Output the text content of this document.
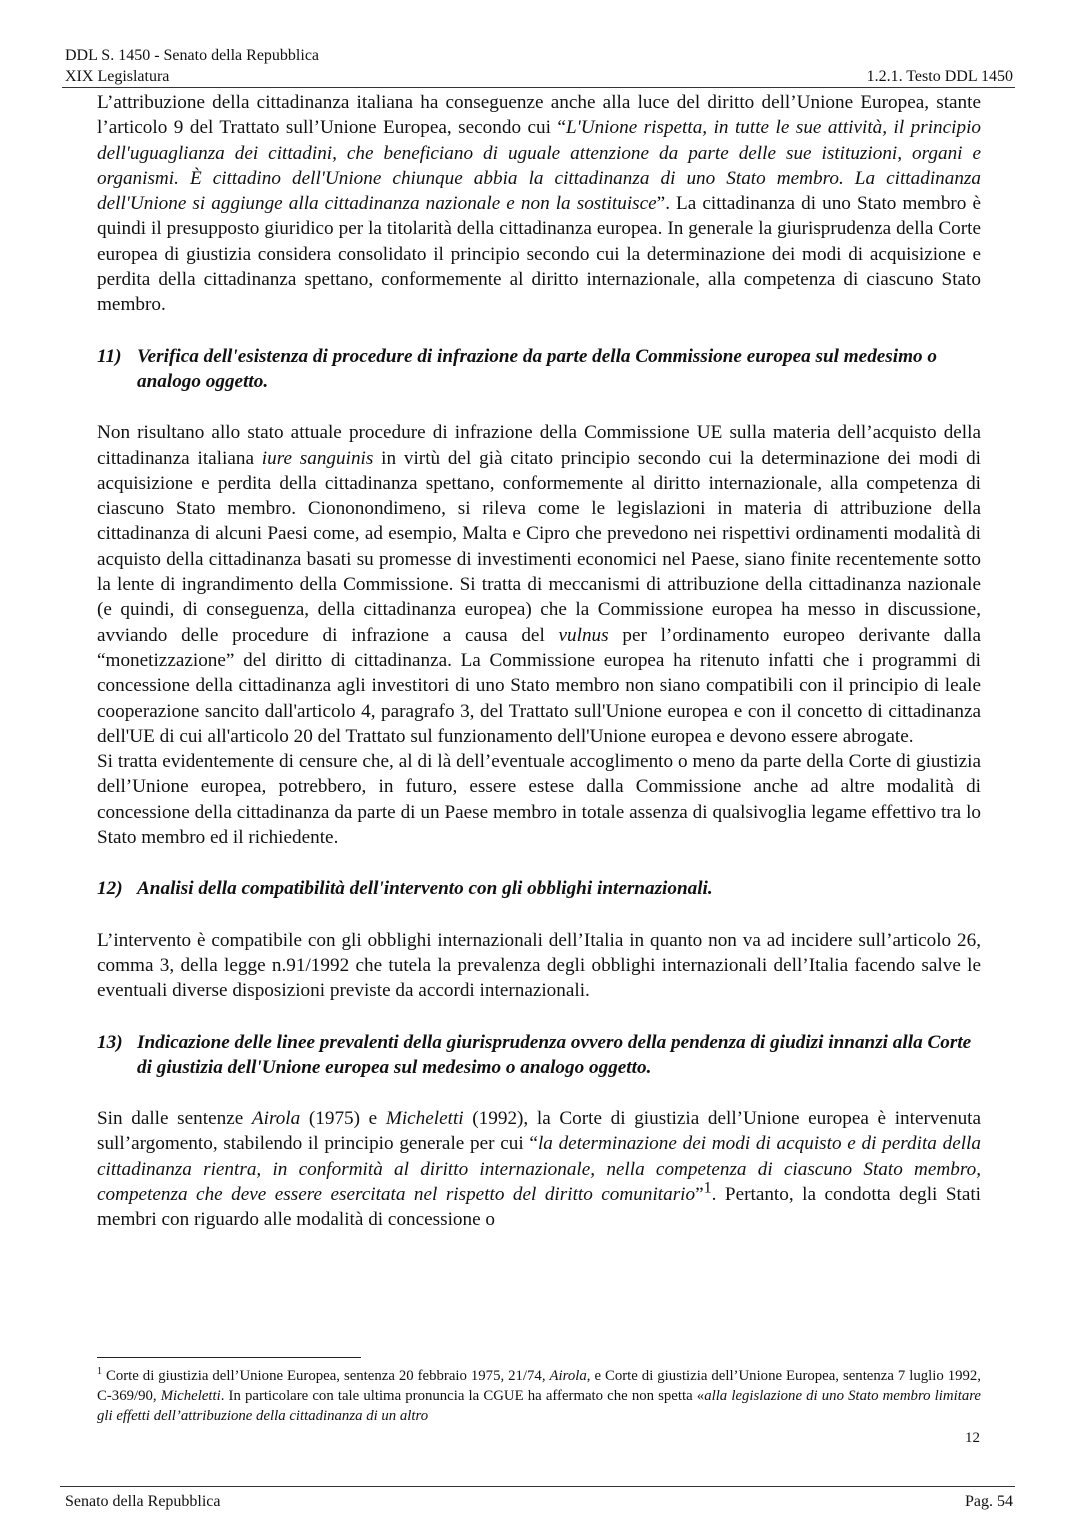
DDL S. 1450 - Senato della Repubblica
XIX Legislatura	1.2.1. Testo DDL 1450

L’attribuzione della cittadinanza italiana ha conseguenze anche alla luce del diritto dell’Unione Europea, stante l’articolo 9 del Trattato sull’Unione Europea, secondo cui “L'Unione rispetta, in tutte le sue attività, il principio dell'uguaglianza dei cittadini, che beneficiano di uguale attenzione da parte delle sue istituzioni, organi e organismi. È cittadino dell'Unione chiunque abbia la cittadinanza di uno Stato membro. La cittadinanza dell'Unione si aggiunge alla cittadinanza nazionale e non la sostituisce”. La cittadinanza di uno Stato membro è quindi il presupposto giuridico per la titolarità della cittadinanza europea. In generale la giurisprudenza della Corte europea di giustizia considera consolidato il principio secondo cui la determinazione dei modi di acquisizione e perdita della cittadinanza spettano, conformemente al diritto internazionale, alla competenza di ciascuno Stato membro.

11) Verifica dell'esistenza di procedure di infrazione da parte della Commissione europea sul medesimo o analogo oggetto.

Non risultano allo stato attuale procedure di infrazione della Commissione UE sulla materia dell’acquisto della cittadinanza italiana iure sanguinis in virtù del già citato principio secondo cui la determinazione dei modi di acquisizione e perdita della cittadinanza spettano, conformemente al diritto internazionale, alla competenza di ciascuno Stato membro. Ciononondimeno, si rileva come le legislazioni in materia di attribuzione della cittadinanza di alcuni Paesi come, ad esempio, Malta e Cipro che prevedono nei rispettivi ordinamenti modalità di acquisto della cittadinanza basati su promesse di investimenti economici nel Paese, siano finite recentemente sotto la lente di ingrandimento della Commissione. Si tratta di meccanismi di attribuzione della cittadinanza nazionale (e quindi, di conseguenza, della cittadinanza europea) che la Commissione europea ha messo in discussione, avviando delle procedure di infrazione a causa del vulnus per l’ordinamento europeo derivante dalla “monetizzazione” del diritto di cittadinanza. La Commissione europea ha ritenuto infatti che i programmi di concessione della cittadinanza agli investitori di uno Stato membro non siano compatibili con il principio di leale cooperazione sancito dall'articolo 4, paragrafo 3, del Trattato sull'Unione europea e con il concetto di cittadinanza dell'UE di cui all'articolo 20 del Trattato sul funzionamento dell'Unione europea e devono essere abrogate.

Si tratta evidentemente di censure che, al di là dell’eventuale accoglimento o meno da parte della Corte di giustizia dell’Unione europea, potrebbero, in futuro, essere estese dalla Commissione anche ad altre modalità di concessione della cittadinanza da parte di un Paese membro in totale assenza di qualsivoglia legame effettivo tra lo Stato membro ed il richiedente.

12) Analisi della compatibilità dell'intervento con gli obblighi internazionali.

L’intervento è compatibile con gli obblighi internazionali dell’Italia in quanto non va ad incidere sull’articolo 26, comma 3, della legge n.91/1992 che tutela la prevalenza degli obblighi internazionali dell’Italia facendo salve le eventuali diverse disposizioni previste da accordi internazionali.

13) Indicazione delle linee prevalenti della giurisprudenza ovvero della pendenza di giudizi innanzi alla Corte di giustizia dell'Unione europea sul medesimo o analogo oggetto.

Sin dalle sentenze Airola (1975) e Micheletti (1992), la Corte di giustizia dell’Unione europea è intervenuta sull’argomento, stabilendo il principio generale per cui “la determinazione dei modi di acquisto e di perdita della cittadinanza rientra, in conformità al diritto internazionale, nella competenza di ciascuno Stato membro, competenza che deve essere esercitata nel rispetto del diritto comunitario”$^1$. Pertanto, la condotta degli Stati membri con riguardo alle modalità di concessione o

$^1$ Corte di giustizia dell’Unione Europea, sentenza 20 febbraio 1975, 21/74, Airola, e Corte di giustizia dell’Unione Europea, sentenza 7 luglio 1992, C-369/90, Micheletti. In particolare con tale ultima pronuncia la CGUE ha affermato che non spetta «alla legislazione di uno Stato membro limitare gli effetti dell’attribuzione della cittadinanza di un altro
12
Senato della Repubblica	Pag. 54
